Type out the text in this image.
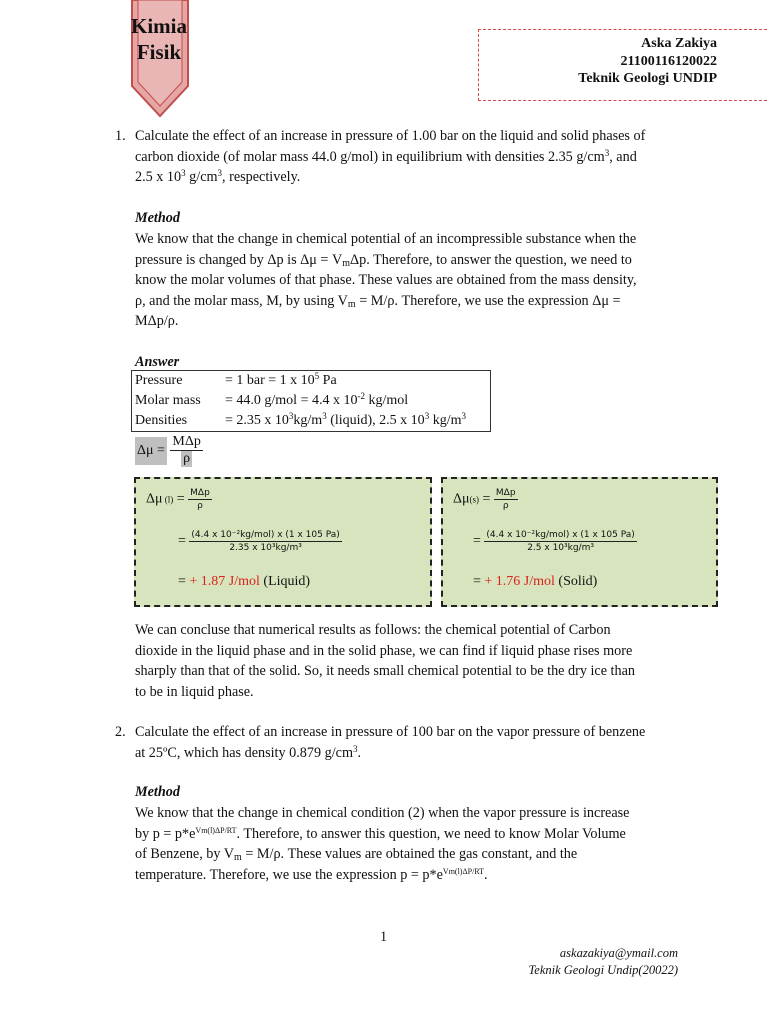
Kimia
Fisik	Aska Zakiya
21100116120022
Teknik Geologi UNDIP
1. Calculate the effect of an increase in pressure of 1.00 bar on the liquid and solid phases of
carbon dioxide (of molar mass 44.0 g/mol) in equilibrium with densities 2.35 $g/cm^3$, and
2.5 x $10^3$ $g/cm^3$, respectively.
Method
We know that the change in chemical potential of an incompressible substance when the
pressure is changed by Δp is $\Delta\mu = V_m\Delta p$. Therefore, to answer the question, we need to
know the molar volumes of that phase. These values are obtained from the mass density,
ρ, and the molar mass, M, by using $V_m = M/\rho$. Therefore, we use the expression Δμ =
MΔp/ρ.
Answer
Pressure	= 1 bar = 1 x $10^5$ Pa
Molar mass	= 44.0 g/mol = 4.4 x $10^{-2}$ kg/mol
Densities	= 2.35 x $10^3kg/m^3$ (liquid), 2.5 x $10^3$ $kg/m^3$
$\Delta\mu = \frac{\text{MΔp}}{\rho}$
Δμ $(l) = \frac{\text{MΔp}}{\rho}$
= $\frac{\text{(4.4 x 10⁻²kg/mol) x (1 x 105 Pa)}}{\text{2.35 x 10³kg/m³}}$
= + 1.87 J/mol (Liquid)
$\Delta\mu(s) = \frac{\text{MΔp}}{\rho}$
= $\frac{\text{(4.4 x 10⁻²kg/mol) x (1 x 105 Pa)}}{\text{2.5 x 10³kg/m³}}$
= + 1.76 J/mol (Solid)
We can conclu​se that numerical results as follows: the chemical potential of Carbon
dioxide in the liquid phase and in the solid phase, we can find if liquid phase rises more
sharply than that of the solid. So, it needs small chemical potential to be the dry ice than
to be in liquid phase.
2. Calculate the effect of an increase in pressure of 100 bar on the vapor pressure of benzene
at 25ºC, which has density 0.879 $g/cm^3$.
Method
We know that the change in chemical condition (2) when the vapor pressure is increase
by $p = p*e^{Vm(l)\Delta P/RT}$. Therefore, to answer this question, we need to know Molar Volume
of Benzene, by $V_m = M/\rho$. These values are obtained the gas constant, and the
temperature. Therefore, we use the expression $p = p*e^{Vm(l)\Delta P/RT}$.
1
askazakiya@ymail.com
Teknik Geologi Undip(20022)
